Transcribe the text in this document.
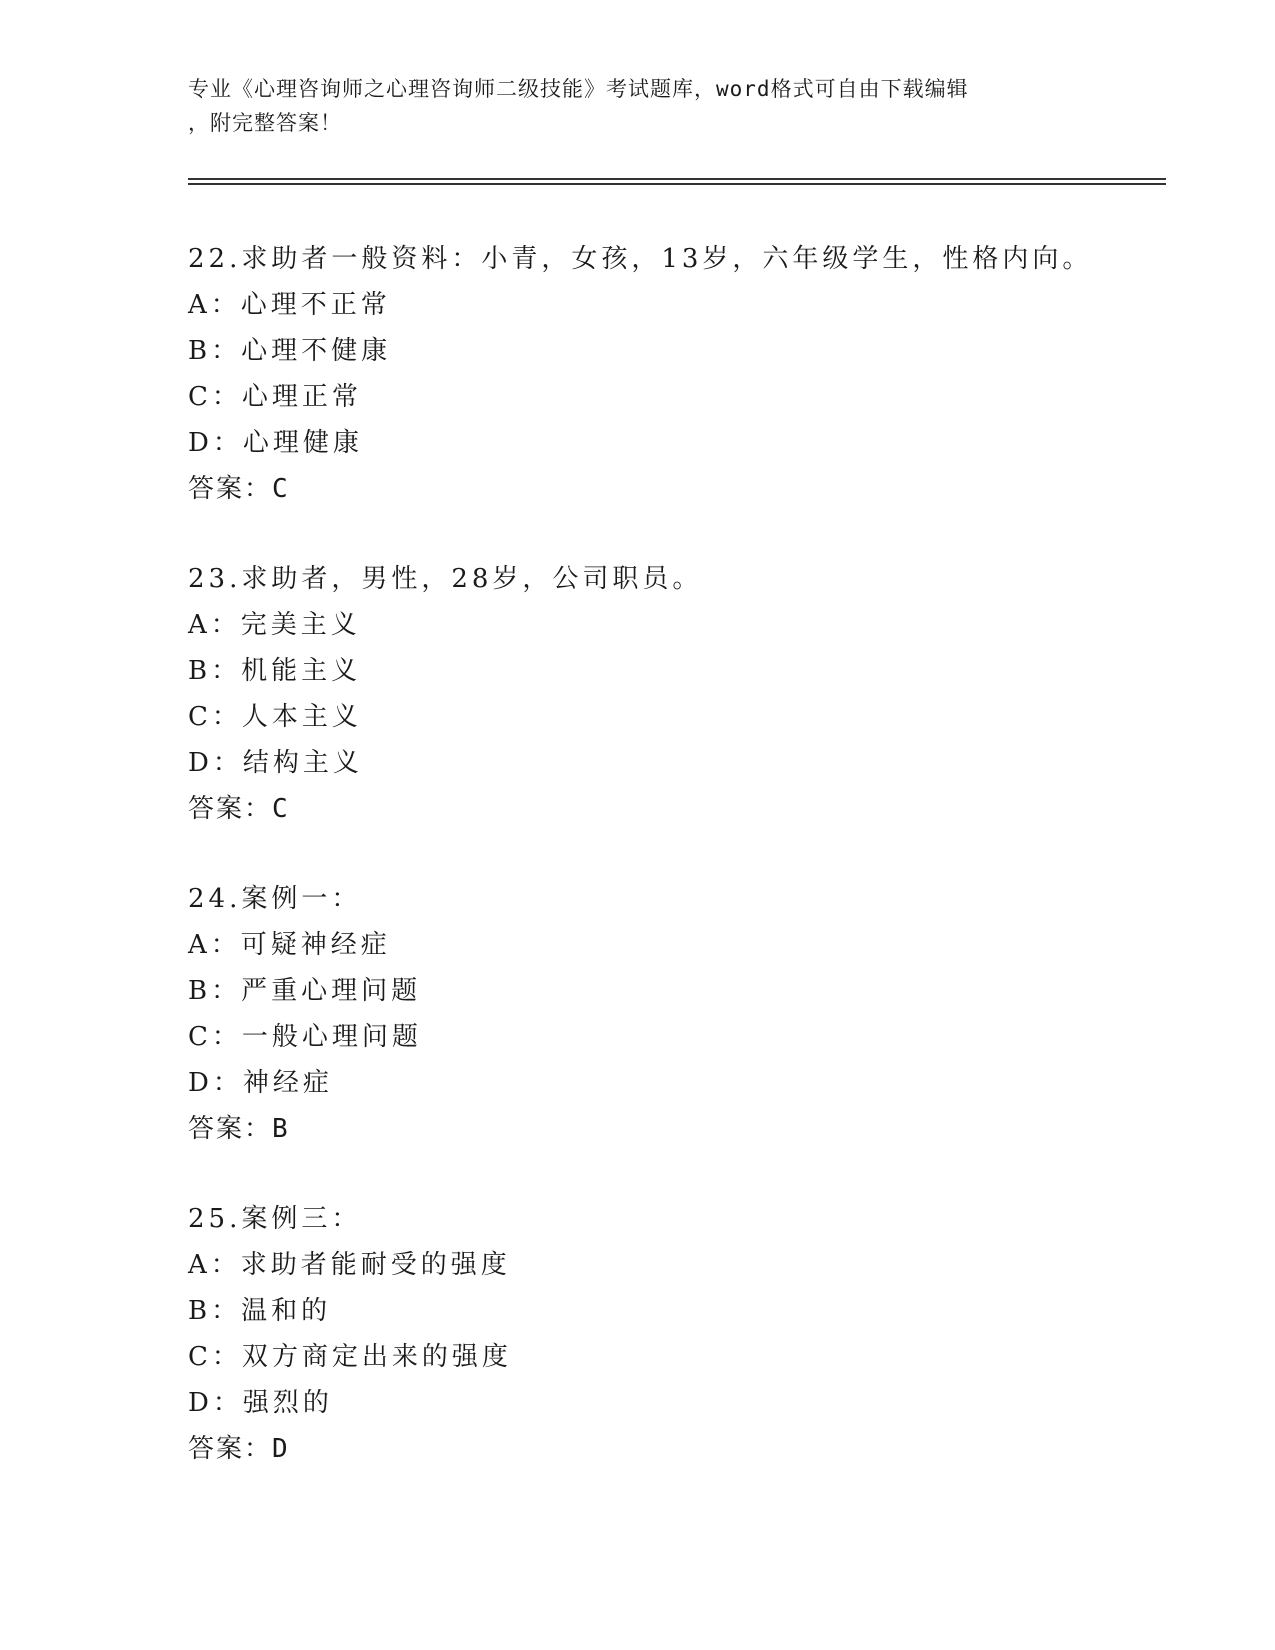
专业《心理咨询师之心理咨询师二级技能》考试题库，word格式可自由下载编辑
，附完整答案！
22.求助者一般资料：小青，女孩，13岁，六年级学生，性格内向。
A：心理不正常
B：心理不健康
C：心理正常
D：心理健康
答案：C
23.求助者，男性，28岁，公司职员。
A：完美主义
B：机能主义
C：人本主义
D：结构主义
答案：C
24.案例一：
A：可疑神经症
B：严重心理问题
C：一般心理问题
D：神经症
答案：B
25.案例三：
A：求助者能耐受的强度
B：温和的
C：双方商定出来的强度
D：强烈的
答案：D
